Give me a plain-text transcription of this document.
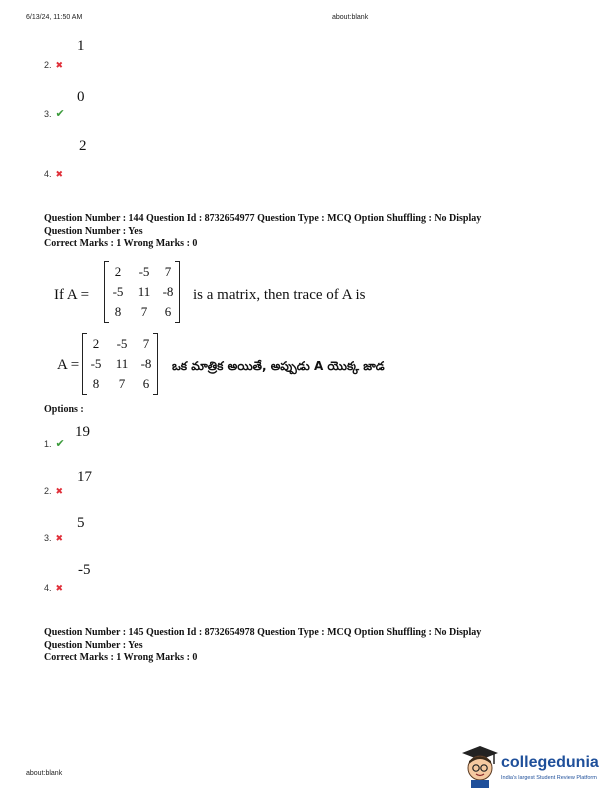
6/13/24, 11:50 AM	about:blank
1
2. ✖
0
3. ✔
2
4. ✖
Question Number : 144 Question Id : 8732654977 Question Type : MCQ Option Shuffling : No Display
Question Number : Yes
Correct Marks : 1 Wrong Marks : 0
If A =
2	-5	7
-5	11 -8
8	7	6
is a matrix, then trace of A is
A =
2	-5	7
-5	11 -8
8	7	6
ఒక మాత్రిక అయితే, అప్పుడు A యొక్క జాడ
Options :
19
1. ✔
17
2. ✖
5
3. ✖
-5
4. ✖
Question Number : 145 Question Id : 8732654978 Question Type : MCQ Option Shuffling : No Display
Question Number : Yes
Correct Marks : 1 Wrong Marks : 0
about:blank
collegedunia
India's largest Student Review Platform
